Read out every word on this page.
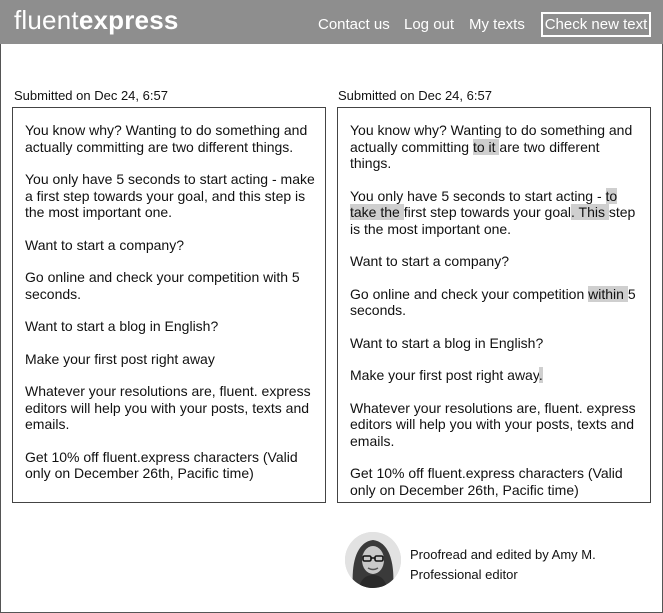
fluentexpress	Contact us Log out My texts Check new text
Submitted on Dec 24, 6:57	Submitted on Dec 24, 6:57

You know why? Wanting to do something and actually committing are two different things.

You only have 5 seconds to start acting - make a first step towards your goal, and this step is the most important one.

Want to start a company?

Go online and check your competition with 5 seconds.

Want to start a blog in English?

Make your first post right away

Whatever your resolutions are, fluent. express editors will help you with your posts, texts and emails.

Get 10% off fluent.express characters (Valid only on December 26th, Pacific time)

You know why? Wanting to do something and actually committing to it are two different things.

You only have 5 seconds to start acting - to take the first step towards your goal. This step is the most important one.

Want to start a company?

Go online and check your competition within 5 seconds.

Want to start a blog in English?

Make your first post right away.

Whatever your resolutions are, fluent. express editors will help you with your posts, texts and emails.

Get 10% off fluent.express characters (Valid only on December 26th, Pacific time)

Proofread and edited by Amy M.
Professional editor
